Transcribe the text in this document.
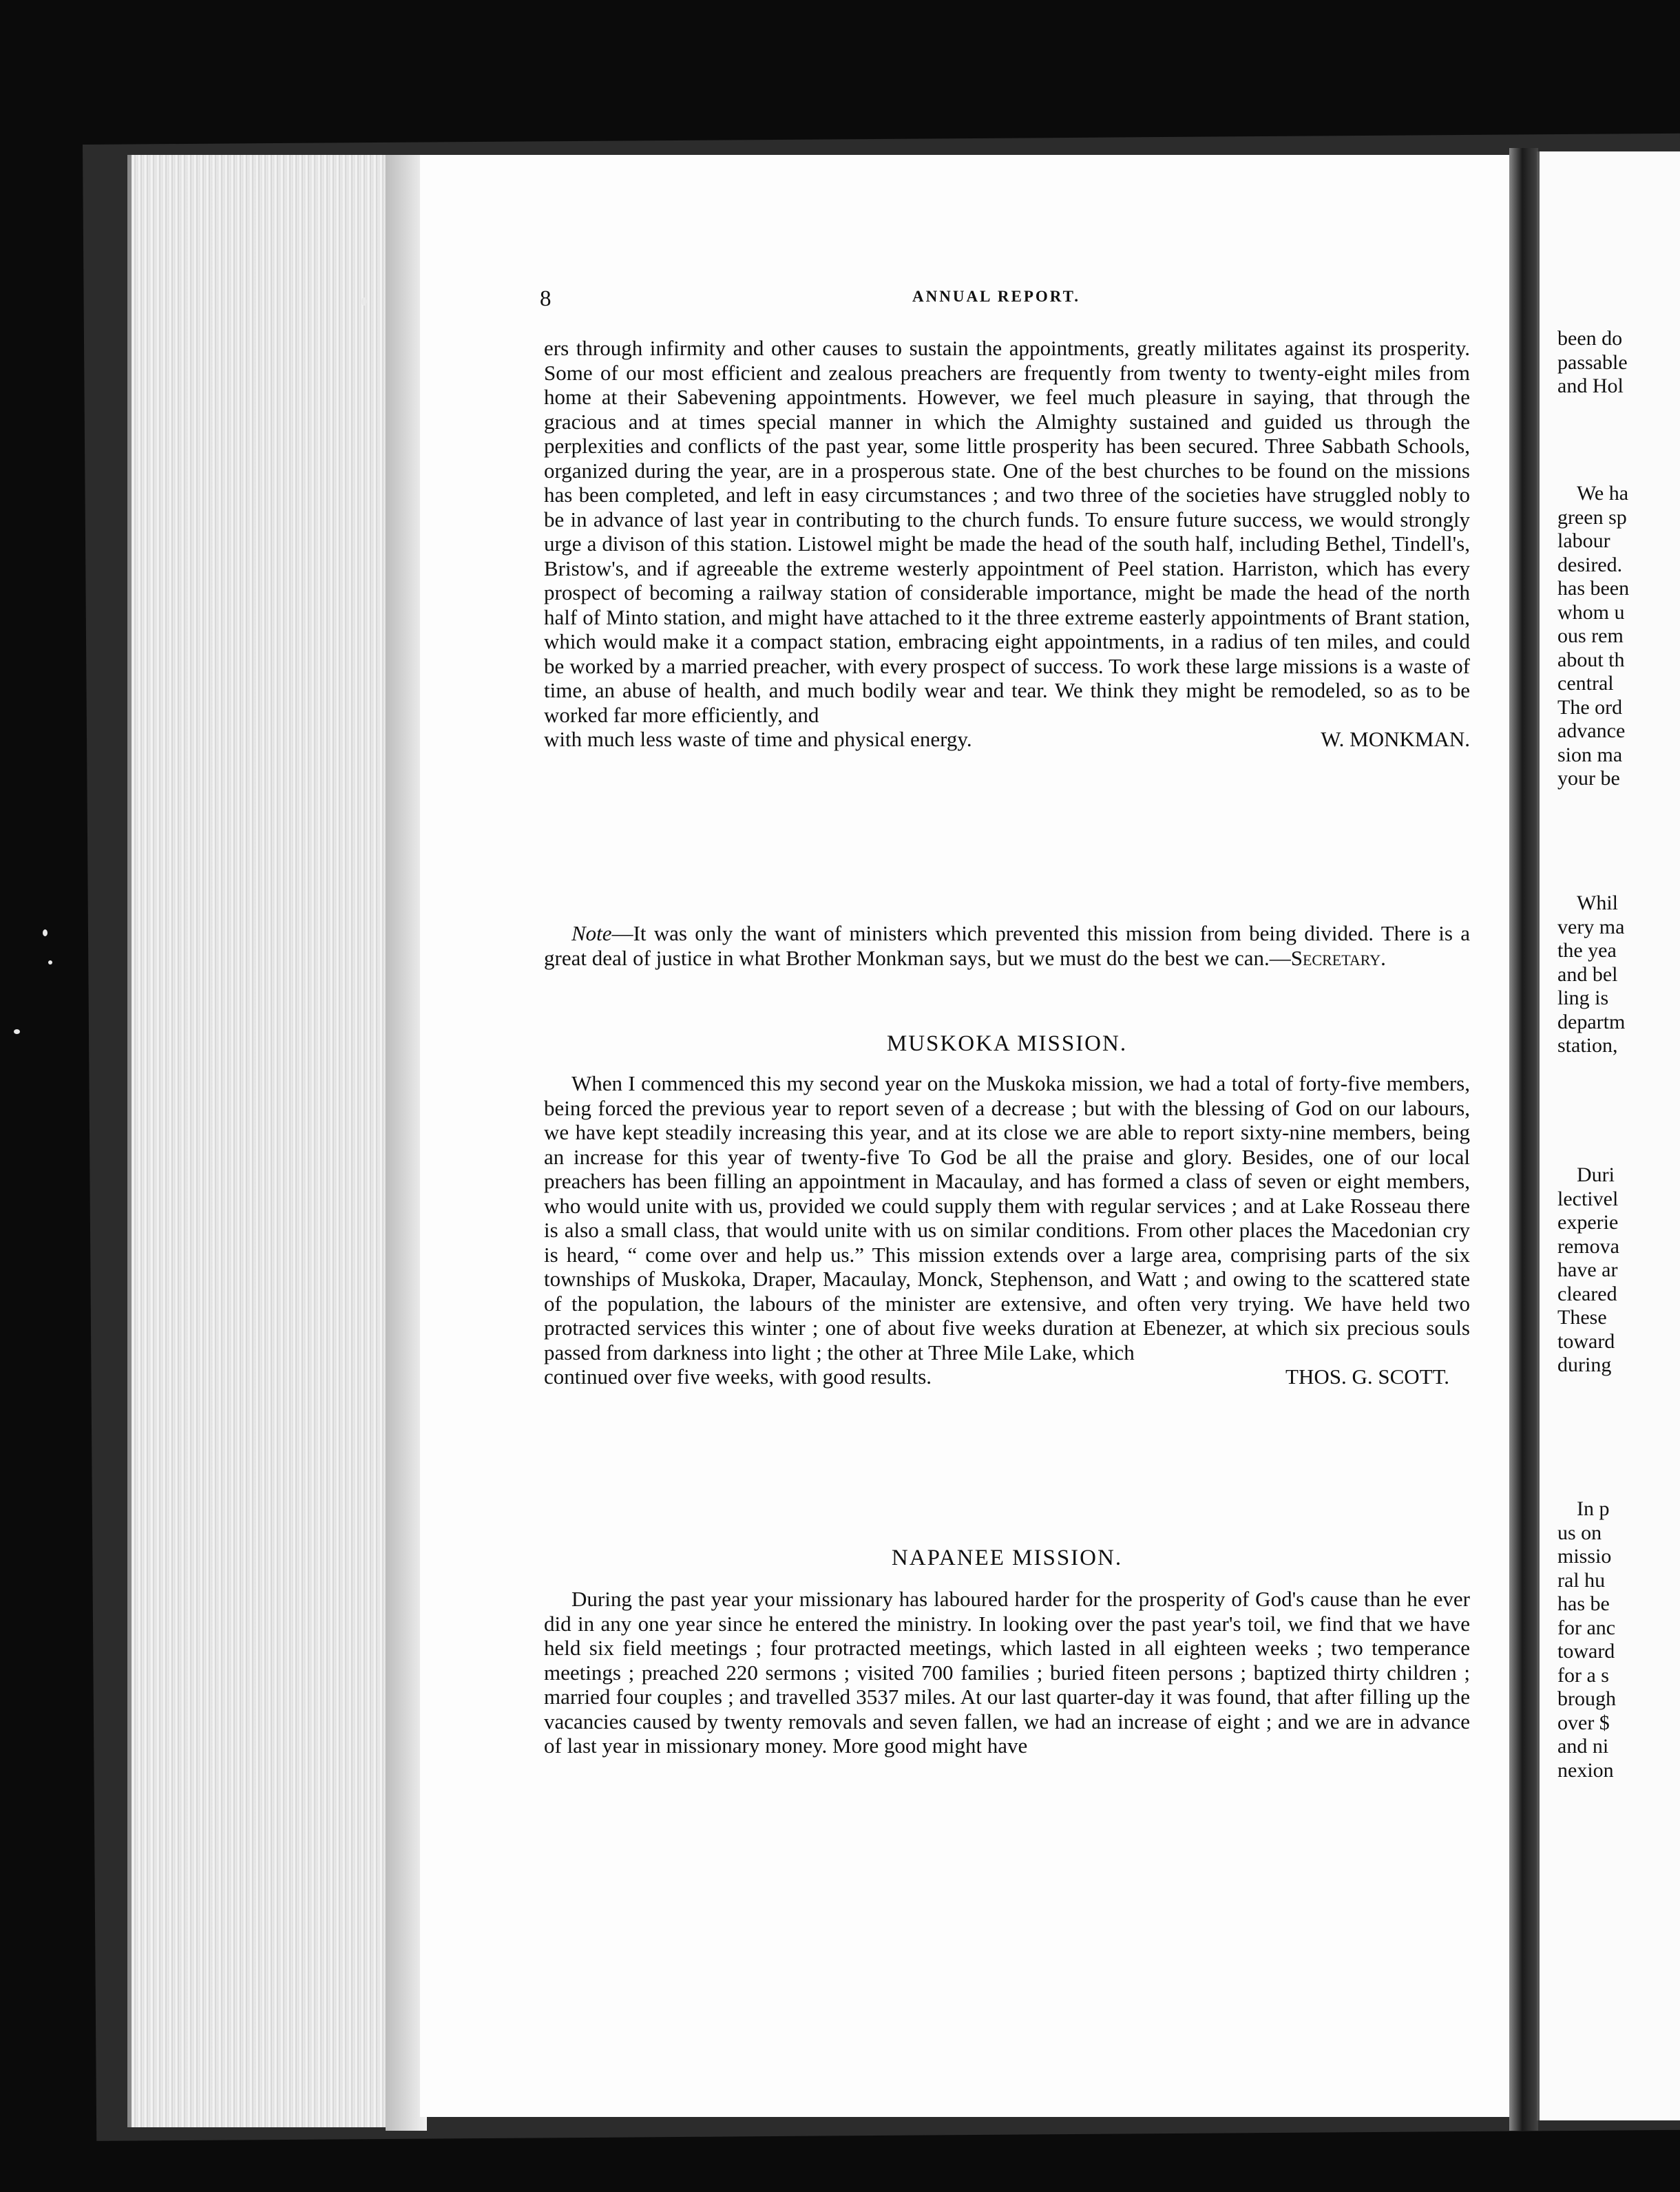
8	ANNUAL REPORT.

ers through infirmity and other causes to sustain the appointments, greatly militates against its prosperity. Some of our most efficient and zealous preachers are frequently from twenty to twenty-eight miles from home at their Sabevening appointments. However, we feel much pleasure in saying, that through the gracious and at times special manner in which the Almighty sustained and guided us through the perplexities and conflicts of the past year, some little prosperity has been secured. Three Sabbath Schools, organized during the year, are in a prosperous state. One of the best churches to be found on the missions has been completed, and left in easy circumstances ; and two three of the societies have struggled nobly to be in advance of last year in contributing to the church funds. To ensure future success, we would strongly urge a divison of this station. Listowel might be made the head of the south half, including Bethel, Tindell's, Bristow's, and if agreeable the extreme westerly appointment of Peel station. Harriston, which has every prospect of becoming a railway station of considerable importance, might be made the head of the north half of Minto station, and might have attached to it the three extreme easterly appointments of Brant station, which would make it a compact station, embracing eight appointments, in a radius of ten miles, and could be worked by a married preacher, with every prospect of success. To work these large missions is a waste of time, an abuse of health, and much bodily wear and tear. We think they might be remodeled, so as to be worked far more efficiently, and

with much less waste of time and physical energy.	W. MONKMAN.

Note—It was only the want of ministers which prevented this mission from being divided. There is a great deal of justice in what Brother Monkman says, but we must do the best we can.—Secretary.

MUSKOKA MISSION.

When I commenced this my second year on the Muskoka mission, we had a total of forty-five members, being forced the previous year to report seven of a decrease ; but with the blessing of God on our labours, we have kept steadily increasing this year, and at its close we are able to report sixty-nine members, being an increase for this year of twenty-five To God be all the praise and glory. Besides, one of our local preachers has been filling an appointment in Macaulay, and has formed a class of seven or eight members, who would unite with us, provided we could supply them with regular services ; and at Lake Rosseau there is also a small class, that would unite with us on similar conditions. From other places the Macedonian cry is heard, “ come over and help us.” This mission extends over a large area, comprising parts of the six townships of Muskoka, Draper, Macaulay, Monck, Stephenson, and Watt ; and owing to the scattered state of the population, the labours of the minister are extensive, and often very trying. We have held two protracted services this winter ; one of about five weeks duration at Ebenezer, at which six precious souls passed from darkness into light ; the other at Three Mile Lake, which

continued over five weeks, with good results.	THOS. G. SCOTT.
NAPANEE MISSION.

During the past year your missionary has laboured harder for the prosperity of God's cause than he ever did in any one year since he entered the ministry. In looking over the past year's toil, we find that we have held six field meetings ; four protracted meetings, which lasted in all eighteen weeks ; two temperance meetings ; preached 220 sermons ; visited 700 families ; buried fiteen persons ; baptized thirty children ; married four couples ; and travelled 3537 miles. At our last quarter-day it was found, that after filling up the vacancies caused by twenty removals and seven fallen, we had an increase of eight ; and we are in advance of last year in missionary money. More good might have

been do
passable
and Hol
We ha
green sp
labour
desired.
has been
whom u
ous rem
about th
central
The ord
advance
sion ma
your be
Whil
very ma
the yea
and bel
ling is
departm
station,
Duri
lectivel
experie
remova
have ar
cleared
These
toward
during
In p
us on
missio
ral hu
has be
for anc
toward
for a s
brough
over $
and ni
nexion
